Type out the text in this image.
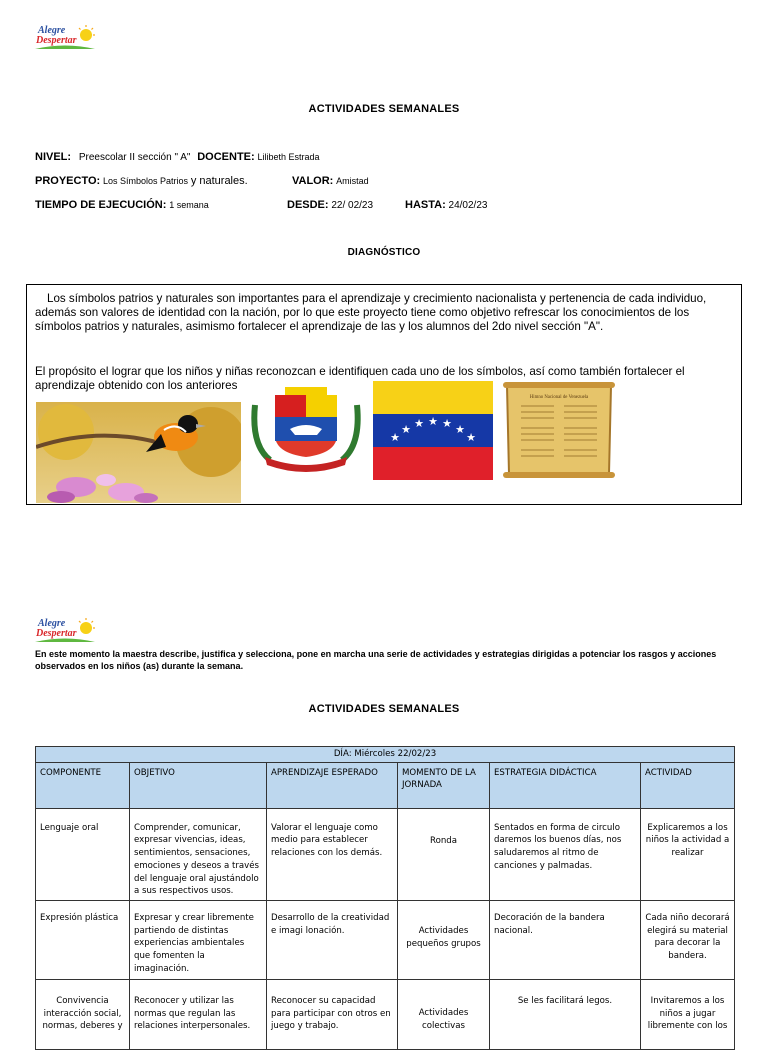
Alegre
Despertar
ACTIVIDADES SEMANALES
NIVEL: Preescolar II sección " A" DOCENTE: Lilibeth Estrada
PROYECTO: Los Símbolos Patrios y naturales.	VALOR: Amistad
TIEMPO DE EJECUCIÓN: 1 semana	DESDE: 22/ 02/23	HASTA: 24/02/23
DIAGNÓSTICO
Los símbolos patrios y naturales son importantes para el aprendizaje y crecimiento nacionalista y pertenencia de cada individuo, además son valores de identidad con la nación, por lo que este proyecto tiene como objetivo refrescar los conocimientos de los símbolos patrios y naturales, asimismo fortalecer el aprendizaje de las y los alumnos del 2do nivel sección "A".
El propósito el lograr que los niños y niñas reconozcan e identifiquen cada uno de los símbolos, así como también fortalecer el aprendizaje obtenido con los anteriores
★
★ ★ ★ ★ ★
★
.
Himno Nacional de Venezuela
Alegre
Despertar
En este momento la maestra describe, justifica y selecciona, pone en marcha una serie de actividades y estrategias dirigidas a potenciar los rasgos y acciones observados en los niños (as) durante la semana.
ACTIVIDADES SEMANALES
DÍA: Miércoles 22/02/23					
COMPONENTE	OBJETIVO	APRENDIZAJE ESPERADO	MOMENTO DE LA JORNADA	ESTRATEGIA DIDÁCTICA	ACTIVIDAD
Lenguaje oral	Comprender, comunicar, expresar vivencias, ideas, sentimientos, sensaciones, emociones y deseos a través del lenguaje oral ajustándolo a sus respectivos usos.	Valorar el lenguaje como medio para establecer relaciones con los demás.	Ronda	Sentados en forma de circulo daremos los buenos días, nos saludaremos al ritmo de canciones y palmadas.	Explicaremos a los niños la actividad a realizar
Expresión plástica	Expresar y crear libremente partiendo de distintas experiencias ambientales que fomenten la imaginación.	Desarrollo de la creatividad e imagi lonación.	Actividades pequeños grupos	Decoración de la bandera nacional.	Cada niño decorará elegirá su material para decorar la bandera.
Convivencia interacción social, normas, deberes y	Reconocer y utilizar las normas que regulan las relaciones interpersonales.	Reconocer su capacidad para participar con otros en juego y trabajo.	Actividades colectivas	Se les facilitará legos.	Invitaremos a los niños a jugar libremente con los
